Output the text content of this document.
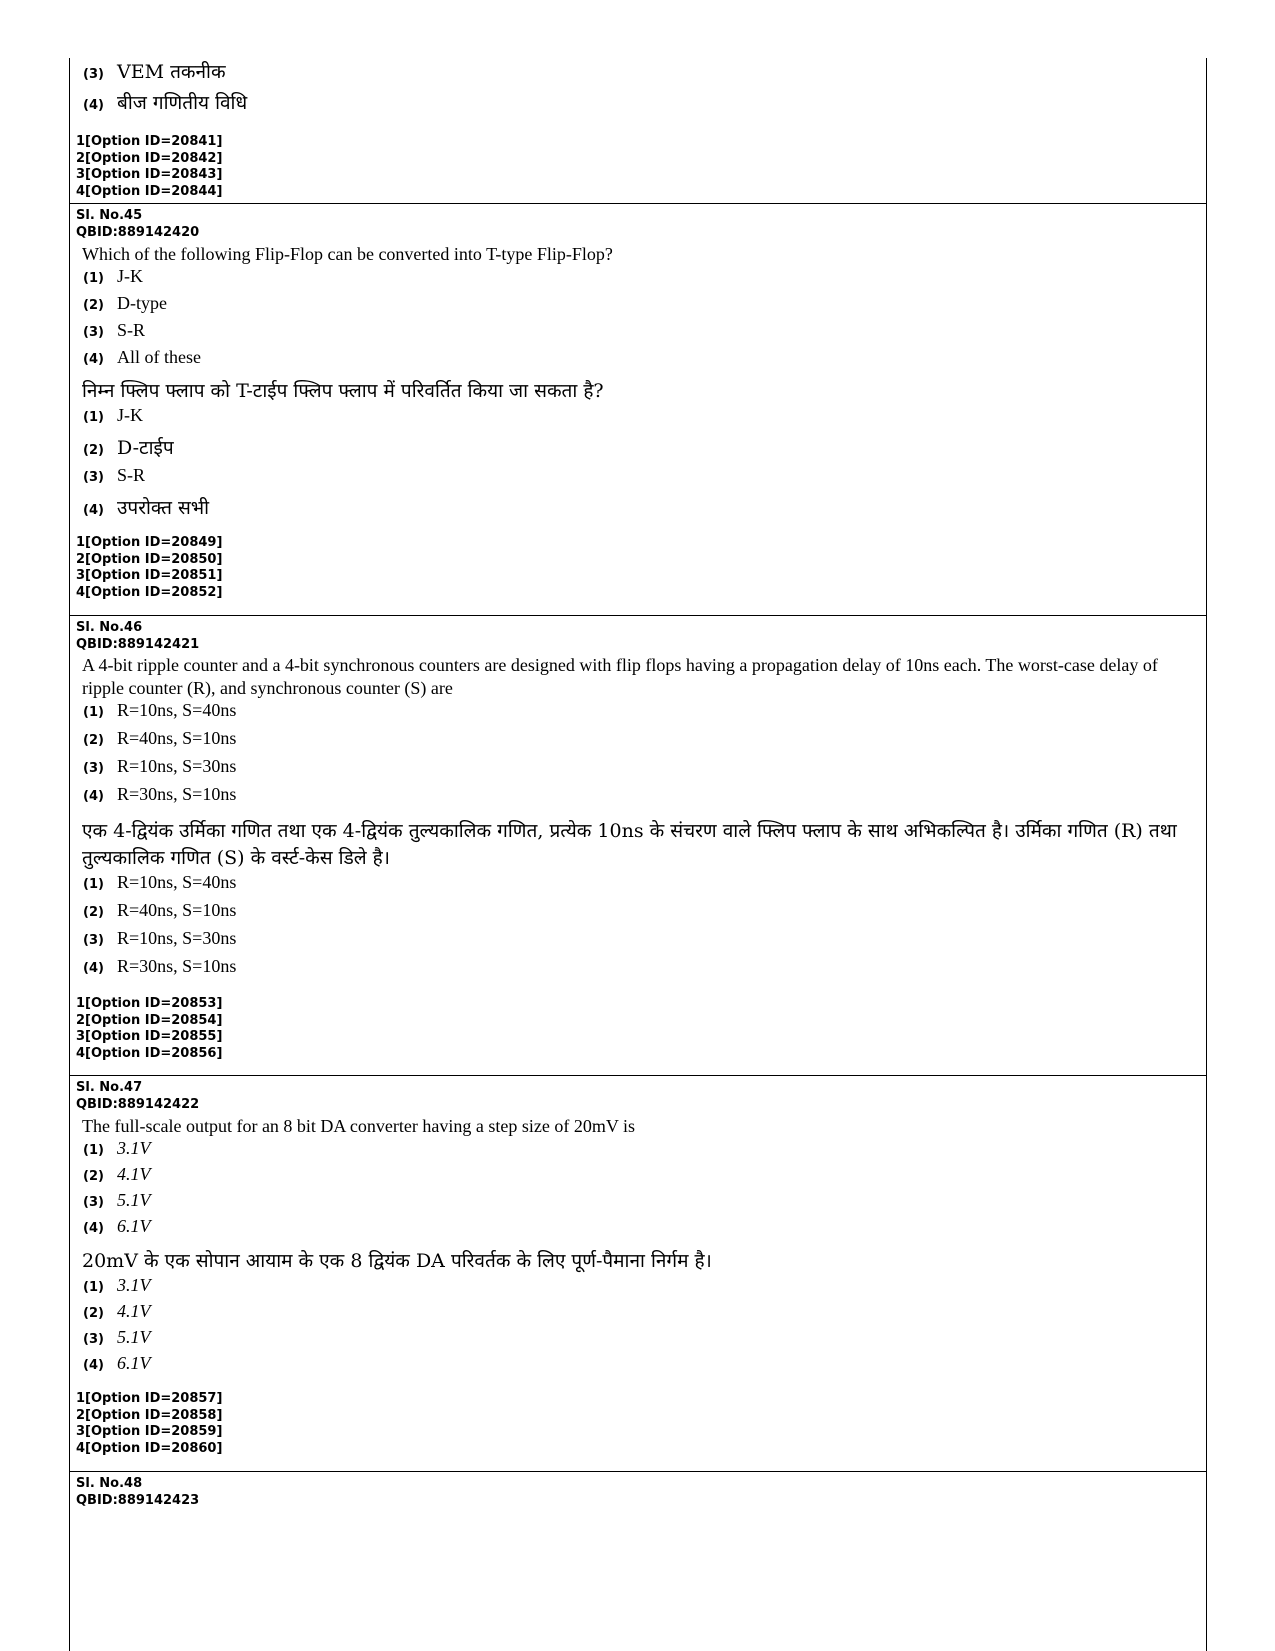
(3) VEM तकनीक
(4) बीज गणितीय विधि
1[Option ID=20841]
2[Option ID=20842]
3[Option ID=20843]
4[Option ID=20844]
Sl. No.45
QBID:889142420
Which of the following Flip-Flop can be converted into T-type Flip-Flop?
(1) J-K
(2) D-type
(3) S-R
(4) All of these
निम्न फ्लिप फ्लाप को T-टाईप फ्लिप फ्लाप में परिवर्तित किया जा सकता है?
(1) J-K
(2) D-टाईप
(3) S-R
(4) उपरोक्त सभी
1[Option ID=20849]
2[Option ID=20850]
3[Option ID=20851]
4[Option ID=20852]
Sl. No.46
QBID:889142421
A 4-bit ripple counter and a 4-bit synchronous counters are designed with flip flops having a propagation delay of 10ns each. The worst-case delay of ripple counter (R), and synchronous counter (S) are
(1) R=10ns, S=40ns
(2) R=40ns, S=10ns
(3) R=10ns, S=30ns
(4) R=30ns, S=10ns
एक 4-द्वियंक उर्मिका गणित तथा एक 4-द्वियंक तुल्यकालिक गणित, प्रत्येक 10ns के संचरण वाले फ्लिप फ्लाप के साथ अभिकल्पित है। उर्मिका गणित (R) तथा तुल्यकालिक गणित (S) के वर्स्ट-केस डिले है।
(1) R=10ns, S=40ns
(2) R=40ns, S=10ns
(3) R=10ns, S=30ns
(4) R=30ns, S=10ns
1[Option ID=20853]
2[Option ID=20854]
3[Option ID=20855]
4[Option ID=20856]
Sl. No.47
QBID:889142422
The full-scale output for an 8 bit DA converter having a step size of 20mV is
(1) 3.1V
(2) 4.1V
(3) 5.1V
(4) 6.1V
20mV के एक सोपान आयाम के एक 8 द्वियंक DA परिवर्तक के लिए पूर्ण-पैमाना निर्गम है।
(1) 3.1V
(2) 4.1V
(3) 5.1V
(4) 6.1V
1[Option ID=20857]
2[Option ID=20858]
3[Option ID=20859]
4[Option ID=20860]
Sl. No.48
QBID:889142423
